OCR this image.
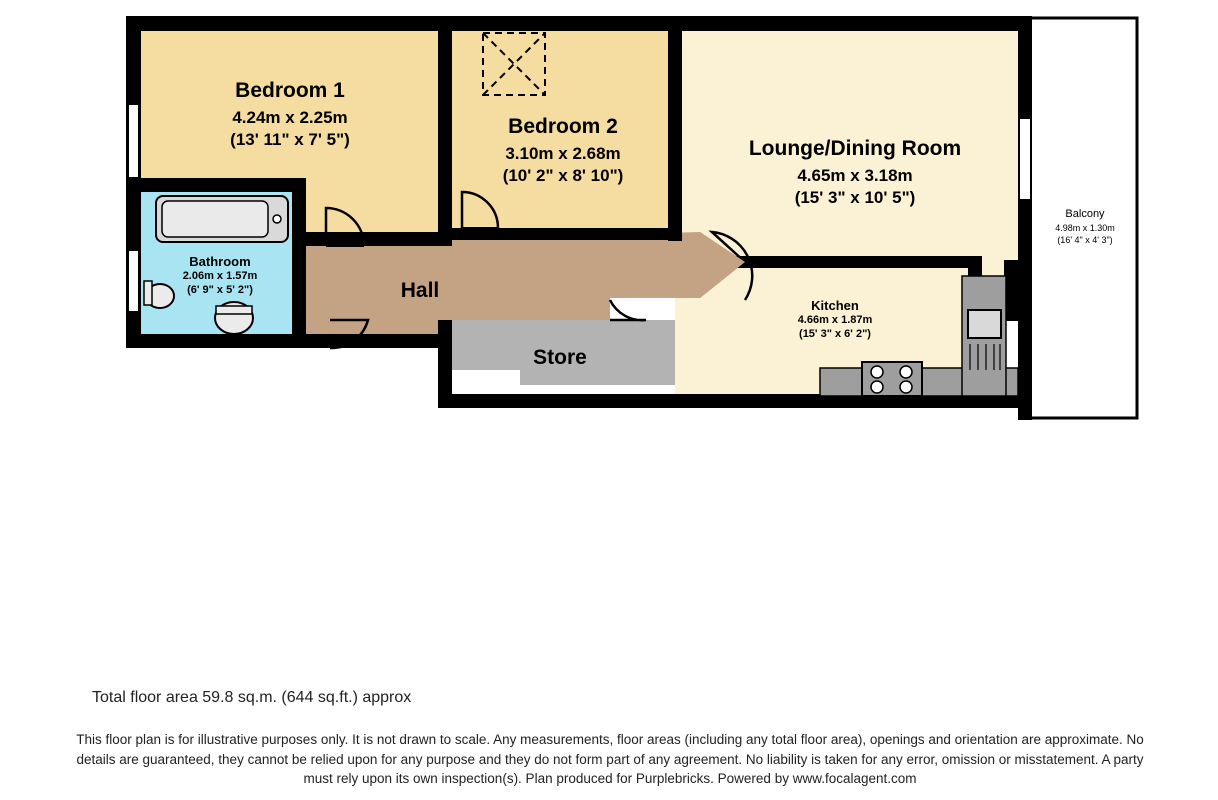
Bedroom 1
4.24m x 2.25m
(13' 11" x 7' 5")
Bedroom 2
3.10m x 2.68m
(10' 2" x 8' 10")
Lounge/Dining Room
4.65m x 3.18m
(15' 3" x 10' 5")
Bathroom
2.06m x 1.57m
(6' 9" x 5' 2")
Kitchen
4.66m x 1.87m
(15' 3" x 6' 2")
Balcony
4.98m x 1.30m
(16' 4" x 4' 3")
Hall
Store
Total floor area 59.8 sq.m. (644 sq.ft.) approx
This floor plan is for illustrative purposes only. It is not drawn to scale. Any measurements, floor areas (including any total floor area), openings and orientation are approximate. No details are guaranteed, they cannot be relied upon for any purpose and they do not form part of any agreement. No liability is taken for any error, omission or misstatement. A party must rely upon its own inspection(s). Plan produced for Purplebricks. Powered by www.focalagent.com
